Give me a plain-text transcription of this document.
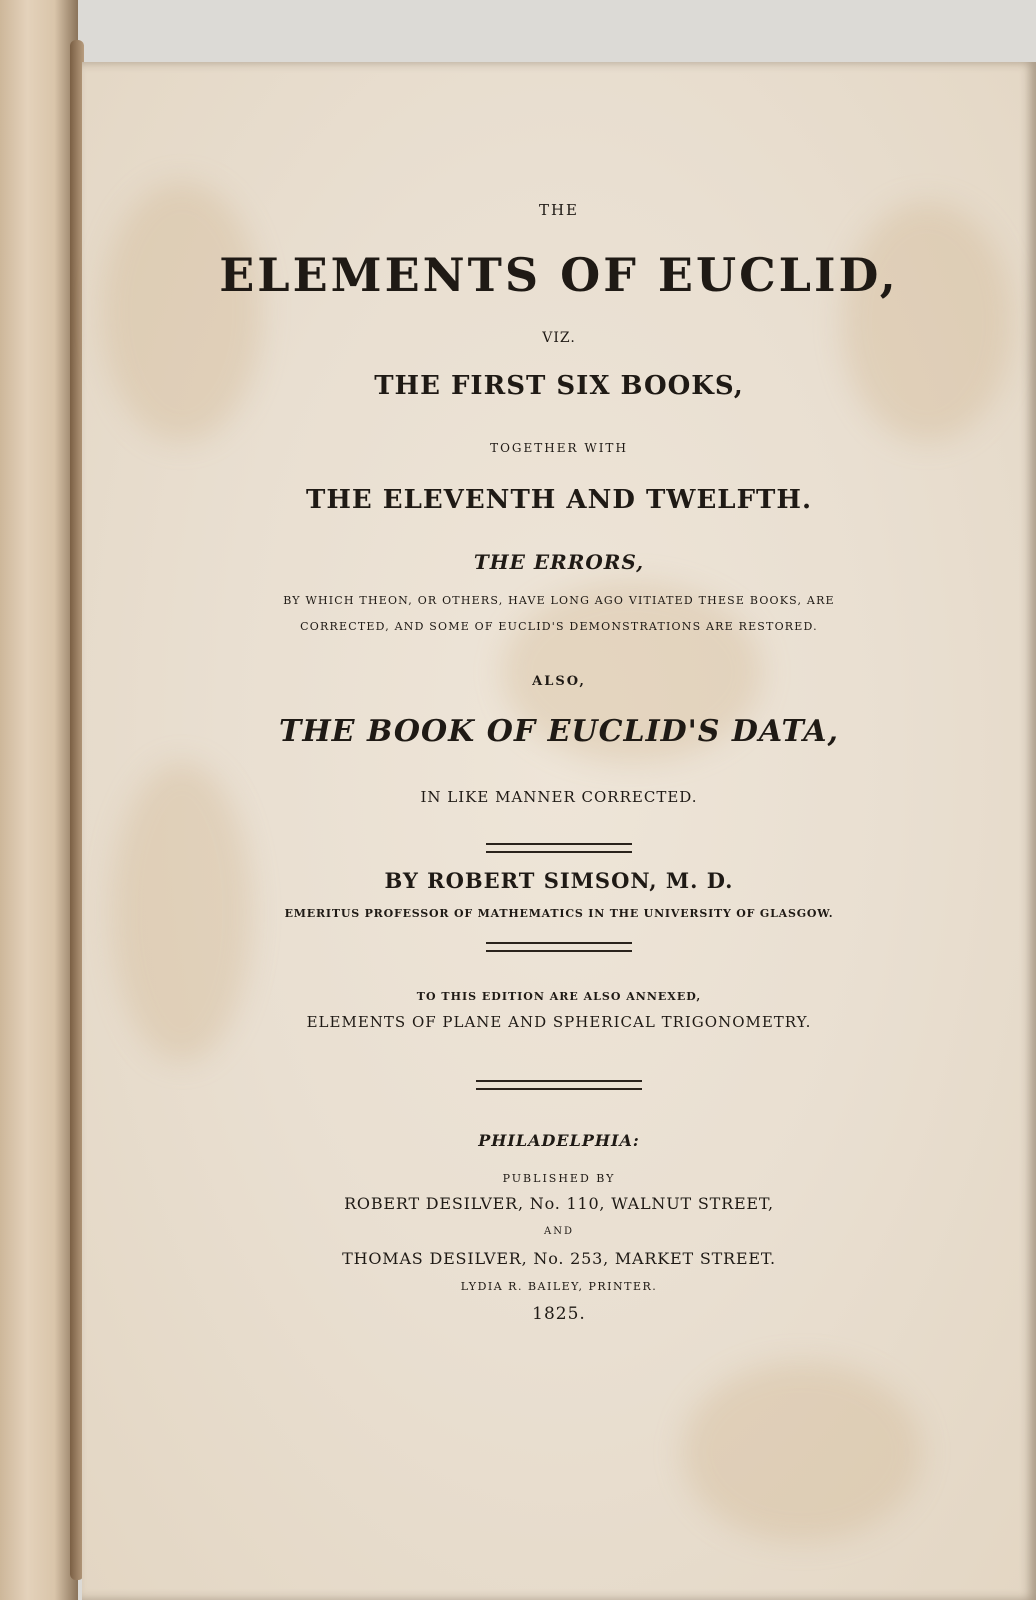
THE
ELEMENTS OF EUCLID,
VIZ.
THE FIRST SIX BOOKS,
TOGETHER WITH
THE ELEVENTH AND TWELFTH.
THE ERRORS,
BY WHICH THEON, OR OTHERS, HAVE LONG AGO VITIATED THESE BOOKS, ARE
CORRECTED, AND SOME OF EUCLID'S DEMONSTRATIONS ARE RESTORED.
ALSO,
THE BOOK OF EUCLID'S DATA,
IN LIKE MANNER CORRECTED.
BY ROBERT SIMSON, M. D.
EMERITUS PROFESSOR OF MATHEMATICS IN THE UNIVERSITY OF GLASGOW.
TO THIS EDITION ARE ALSO ANNEXED,
ELEMENTS OF PLANE AND SPHERICAL TRIGONOMETRY.
PHILADELPHIA:
PUBLISHED BY
ROBERT DESILVER, No. 110, WALNUT STREET,
AND
THOMAS DESILVER, No. 253, MARKET STREET.
LYDIA R. BAILEY, PRINTER.
1825.
